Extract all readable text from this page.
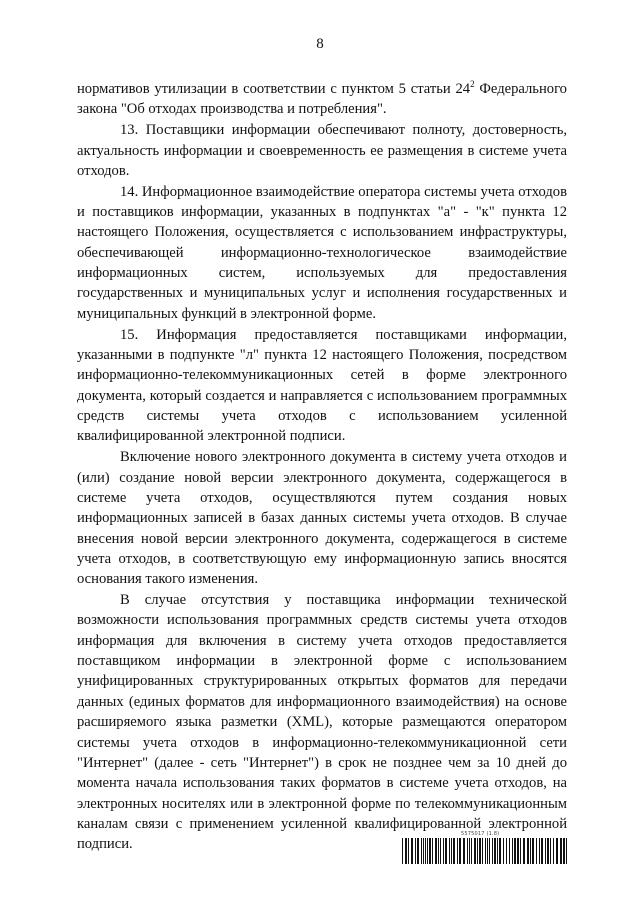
8

нормативов утилизации в соответствии с пунктом 5 статьи $24^2$ Федерального закона "Об отходах производства и потребления".

13. Поставщики информации обеспечивают полноту, достоверность, актуальность информации и своевременность ее размещения в системе учета отходов.

14. Информационное взаимодействие оператора системы учета отходов и поставщиков информации, указанных в подпунктах "а" - "к" пункта 12 настоящего Положения, осуществляется с использованием инфраструктуры, обеспечивающей информационно-технологическое взаимодействие информационных систем, используемых для предоставления государственных и муниципальных услуг и исполнения государственных и муниципальных функций в электронной форме.

15. Информация предоставляется поставщиками информации, указанными в подпункте "л" пункта 12 настоящего Положения, посредством информационно-телекоммуникационных сетей в форме электронного документа, который создается и направляется с использованием программных средств системы учета отходов с использованием усиленной квалифицированной электронной подписи.

Включение нового электронного документа в систему учета отходов и (или) создание новой версии электронного документа, содержащегося в системе учета отходов, осуществляются путем создания новых информационных записей в базах данных системы учета отходов. В случае внесения новой версии электронного документа, содержащегося в системе учета отходов, в соответствующую ему информационную запись вносятся основания такого изменения.

В случае отсутствия у поставщика информации технической возможности использования программных средств системы учета отходов информация для включения в систему учета отходов предоставляется поставщиком информации в электронной форме с использованием унифицированных структурированных открытых форматов для передачи данных (единых форматов для информационного взаимодействия) на основе расширяемого языка разметки (XML), которые размещаются оператором системы учета отходов в информационно-телекоммуникационной сети "Интернет" (далее - сеть "Интернет") в срок не позднее чем за 10 дней до момента начала использования таких форматов в системе учета отходов, на электронных носителях или в электронной форме по телекоммуникационным каналам связи с применением усиленной квалифицированной электронной подписи.

5575017 (1.8)
